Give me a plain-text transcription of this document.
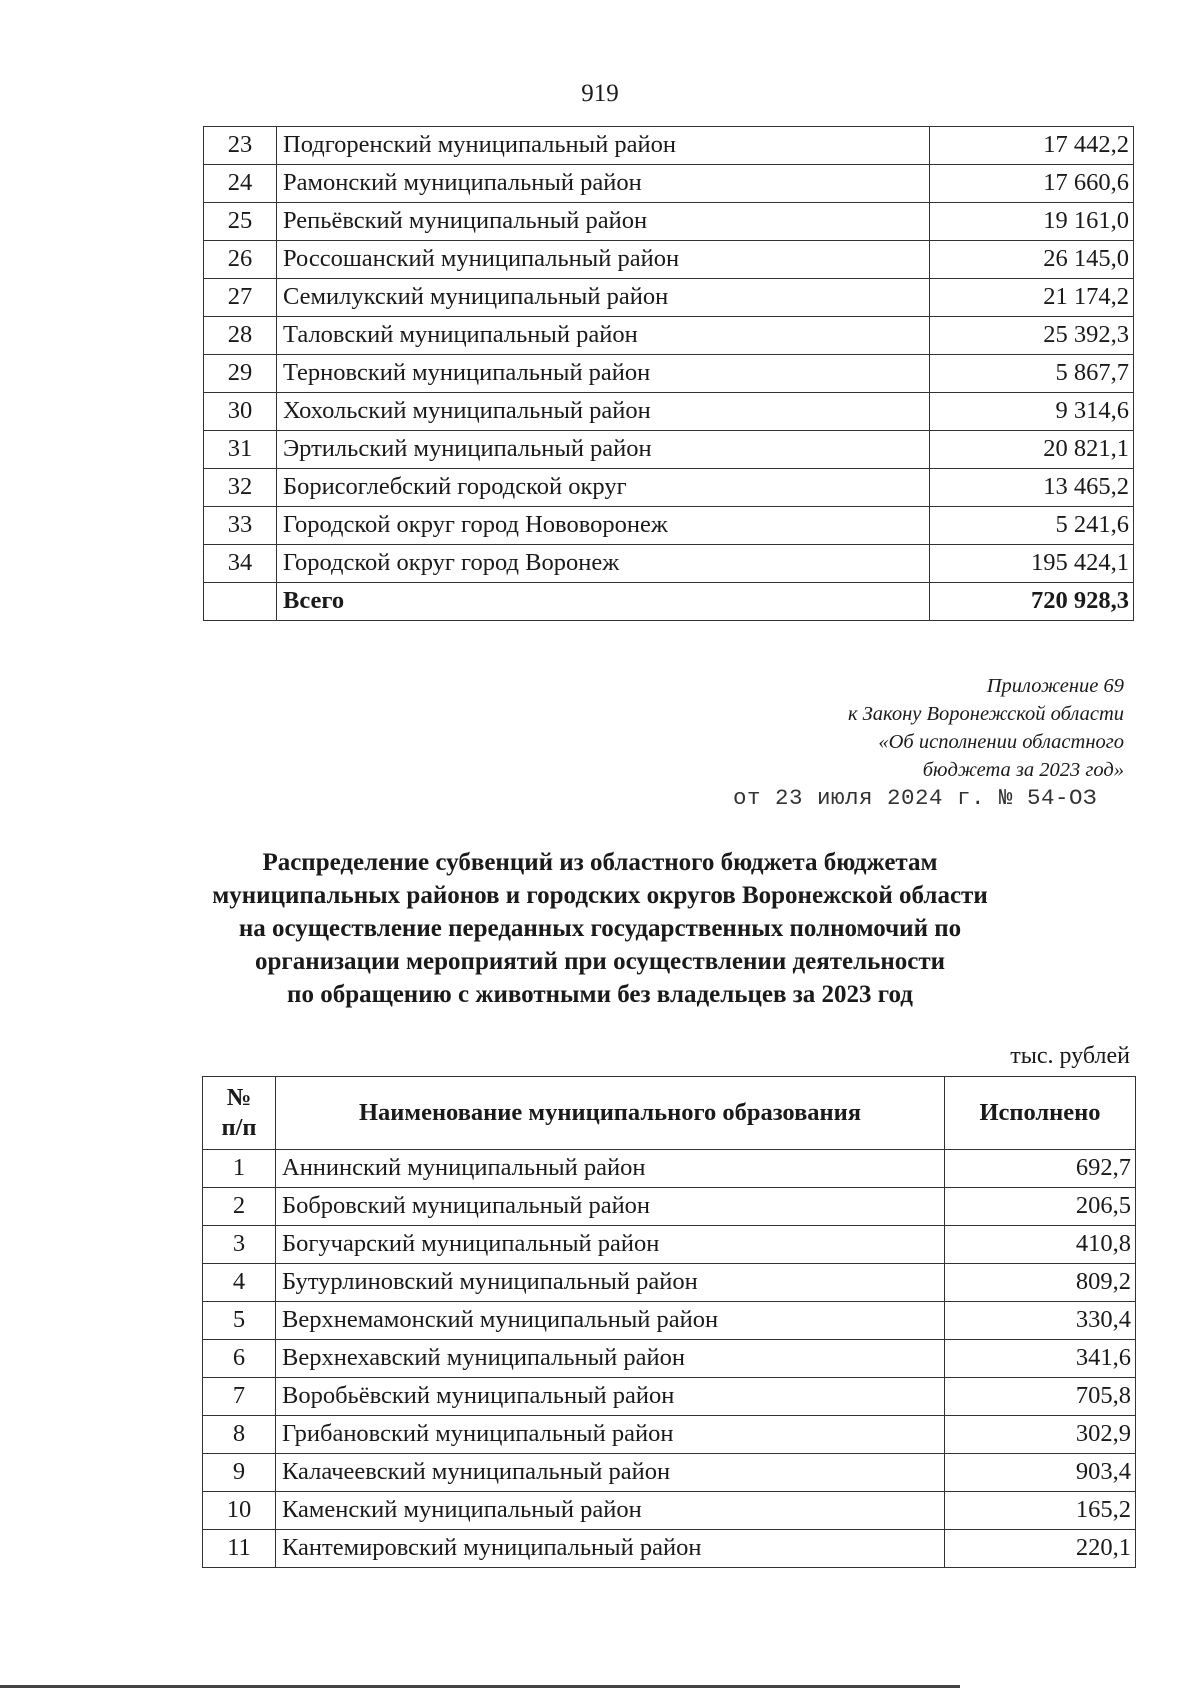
919
23	Подгоренский муниципальный район	17 442,2
24	Рамонский муниципальный район	17 660,6
25	Репьёвский муниципальный район	19 161,0
26	Россошанский муниципальный район	26 145,0
27	Семилукский муниципальный район	21 174,2
28	Таловский муниципальный район	25 392,3
29	Терновский муниципальный район	5 867,7
30	Хохольский муниципальный район	9 314,6
31	Эртильский муниципальный район	20 821,1
32	Борисоглебский городской округ	13 465,2
33	Городской округ город Нововоронеж	5 241,6
34	Городской округ город Воронеж	195 424,1
	Всего	720 928,3
Приложение 69
к Закону Воронежской области
«Об исполнении областного
бюджета за 2023 год»
от 23 июля 2024 г. № 54-ОЗ
Распределение субвенций из областного бюджета бюджетам
муниципальных районов и городских округов Воронежской области
на осуществление переданных государственных полномочий по
организации мероприятий при осуществлении деятельности
по обращению с животными без владельцев за 2023 год
тыс. рублей
№
п/п	Наименование муниципального образования	Исполнено
1	Аннинский муниципальный район	692,7
2	Бобровский муниципальный район	206,5
3	Богучарский муниципальный район	410,8
4	Бутурлиновский муниципальный район	809,2
5	Верхнемамонский муниципальный район	330,4
6	Верхнехавский муниципальный район	341,6
7	Воробьёвский муниципальный район	705,8
8	Грибановский муниципальный район	302,9
9	Калачеевский муниципальный район	903,4
10	Каменский муниципальный район	165,2
11	Кантемировский муниципальный район	220,1
